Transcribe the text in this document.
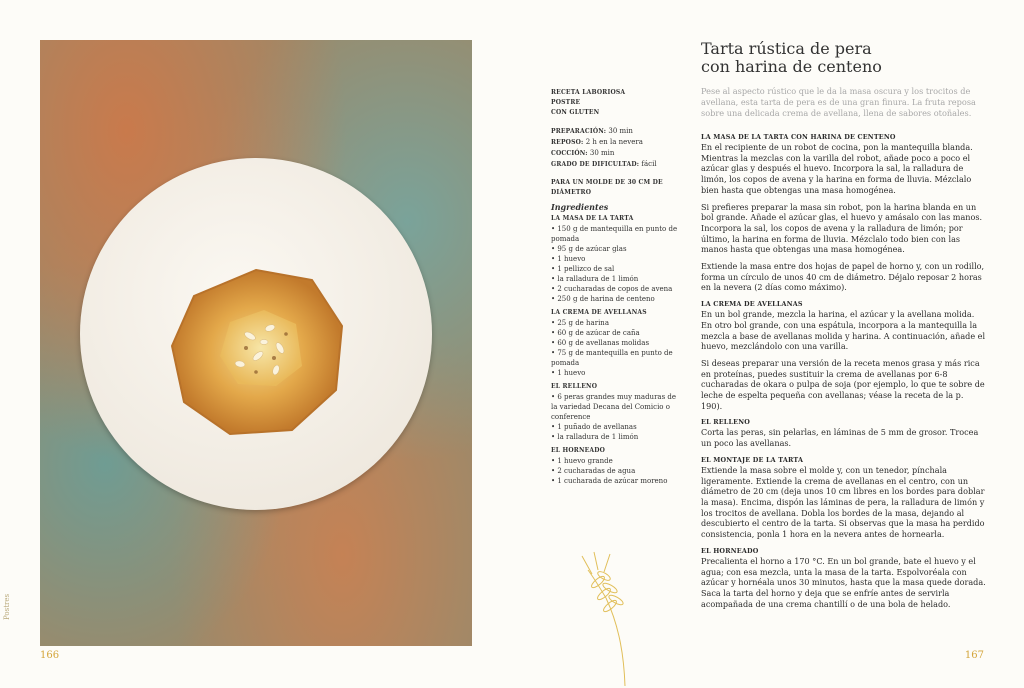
RECETA LABORIOSA
POSTRE
CON GLUTEN
PREPARACIÓN: 30 min
REPOSO: 2 h en la nevera
COCCIÓN: 30 min
GRADO DE DIFICULTAD: fácil
PARA UN MOLDE DE 30 CM DE DIÁMETRO
Ingredientes
LA MASA DE LA TARTA
• 150 g de mantequilla en punto de pomada
• 95 g de azúcar glas
• 1 huevo
• 1 pellizco de sal
• la ralladura de 1 limón
• 2 cucharadas de copos de avena
• 250 g de harina de centeno
LA CREMA DE AVELLANAS
• 25 g de harina
• 60 g de azúcar de caña
• 60 g de avellanas molidas
• 75 g de mantequilla en punto de pomada
• 1 huevo
EL RELLENO
• 6 peras grandes muy maduras de la variedad Decana del Comicio o conference
• 1 puñado de avellanas
• la ralladura de 1 limón
EL HORNEADO
• 1 huevo grande
• 2 cucharadas de agua
• 1 cucharada de azúcar moreno
Tarta rústica de pera
con harina de centeno
Pese al aspecto rústico que le da la masa oscura y los trocitos de avellana, esta tarta de pera es de una gran finura. La fruta reposa sobre una delicada crema de avellana, llena de sabores otoñales.
LA MASA DE LA TARTA CON HARINA DE CENTENO

En el recipiente de un robot de cocina, pon la mantequilla blanda. Mientras la mezclas con la varilla del robot, añade poco a poco el azúcar glas y después el huevo. Incorpora la sal, la ralladura de limón, los copos de avena y la harina en forma de lluvia. Mézclalo bien hasta que obtengas una masa homogénea.

Si prefieres preparar la masa sin robot, pon la harina blanda en un bol grande. Añade el azúcar glas, el huevo y amásalo con las manos. Incorpora la sal, los copos de avena y la ralladura de limón; por último, la harina en forma de lluvia. Mézclalo todo bien con las manos hasta que obtengas una masa homogénea.

Extiende la masa entre dos hojas de papel de horno y, con un rodillo, forma un círculo de unos 40 cm de diámetro. Déjalo reposar 2 horas en la nevera (2 días como máximo).

LA CREMA DE AVELLANAS

En un bol grande, mezcla la harina, el azúcar y la avellana molida. En otro bol grande, con una espátula, incorpora a la mantequilla la mezcla a base de avellanas molida y harina. A continuación, añade el huevo, mezclándolo con una varilla.

Si deseas preparar una versión de la receta menos grasa y más rica en proteínas, puedes sustituir la crema de avellanas por 6-8 cucharadas de okara o pulpa de soja (por ejemplo, lo que te sobre de leche de espelta pequeña con avellanas; véase la receta de la p. 190).

EL RELLENO

Corta las peras, sin pelarlas, en láminas de 5 mm de grosor. Trocea un poco las avellanas.

EL MONTAJE DE LA TARTA

Extiende la masa sobre el molde y, con un tenedor, pínchala ligeramente. Extiende la crema de avellanas en el centro, con un diámetro de 20 cm (deja unos 10 cm libres en los bordes para doblar la masa). Encima, dispón las láminas de pera, la ralladura de limón y los trocitos de avellana. Dobla los bordes de la masa, dejando al descubierto el centro de la tarta. Si observas que la masa ha perdido consistencia, ponla 1 hora en la nevera antes de hornearla.

EL HORNEADO

Precalienta el horno a 170 °C. En un bol grande, bate el huevo y el agua; con esa mezcla, unta la masa de la tarta. Espolvoréala con azúcar y hornéala unos 30 minutos, hasta que la masa quede dorada. Saca la tarta del horno y deja que se enfríe antes de servirla acompañada de una crema chantillí o de una bola de helado.

Postres
166	167
